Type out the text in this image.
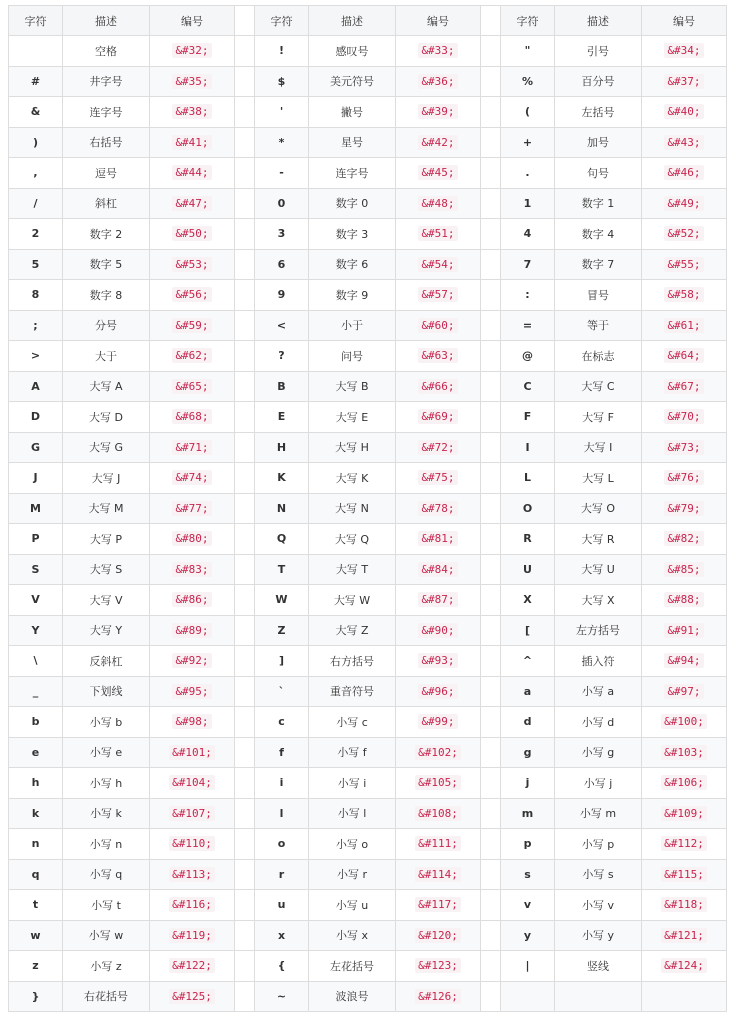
字符	描述	编号		字符	描述	编号		字符	描述	编号
	空格	&#32;		!	感叹号	&#33;		"	引号	&#34;
#	井字号	&#35;		$	美元符号	&#36;		%	百分号	&#37;
&	连字号	&#38;		'	撇号	&#39;		(	左括号	&#40;
)	右括号	&#41;		*	星号	&#42;		+	加号	&#43;
,	逗号	&#44;		-	连字号	&#45;		.	句号	&#46;
/	斜杠	&#47;		0	数字 0	&#48;		1	数字 1	&#49;
2	数字 2	&#50;		3	数字 3	&#51;		4	数字 4	&#52;
5	数字 5	&#53;		6	数字 6	&#54;		7	数字 7	&#55;
8	数字 8	&#56;		9	数字 9	&#57;		:	冒号	&#58;
;	分号	&#59;		<	小于	&#60;		=	等于	&#61;
>	大于	&#62;		?	问号	&#63;		@	在标志	&#64;
A	大写 A	&#65;		B	大写 B	&#66;		C	大写 C	&#67;
D	大写 D	&#68;		E	大写 E	&#69;		F	大写 F	&#70;
G	大写 G	&#71;		H	大写 H	&#72;		I	大写 I	&#73;
J	大写 J	&#74;		K	大写 K	&#75;		L	大写 L	&#76;
M	大写 M	&#77;		N	大写 N	&#78;		O	大写 O	&#79;
P	大写 P	&#80;		Q	大写 Q	&#81;		R	大写 R	&#82;
S	大写 S	&#83;		T	大写 T	&#84;		U	大写 U	&#85;
V	大写 V	&#86;		W	大写 W	&#87;		X	大写 X	&#88;
Y	大写 Y	&#89;		Z	大写 Z	&#90;		[	左方括号	&#91;
\	反斜杠	&#92;		]	右方括号	&#93;		^	插入符	&#94;
_	下划线	&#95;		`	重音符号	&#96;		a	小写 a	&#97;
b	小写 b	&#98;		c	小写 c	&#99;		d	小写 d	&#100;
e	小写 e	&#101;		f	小写 f	&#102;		g	小写 g	&#103;
h	小写 h	&#104;		i	小写 i	&#105;		j	小写 j	&#106;
k	小写 k	&#107;		l	小写 l	&#108;		m	小写 m	&#109;
n	小写 n	&#110;		o	小写 o	&#111;		p	小写 p	&#112;
q	小写 q	&#113;		r	小写 r	&#114;		s	小写 s	&#115;
t	小写 t	&#116;		u	小写 u	&#117;		v	小写 v	&#118;
w	小写 w	&#119;		x	小写 x	&#120;		y	小写 y	&#121;
z	小写 z	&#122;		{	左花括号	&#123;		|	竖线	&#124;
}	右花括号	&#125;		~	波浪号	&#126;				
